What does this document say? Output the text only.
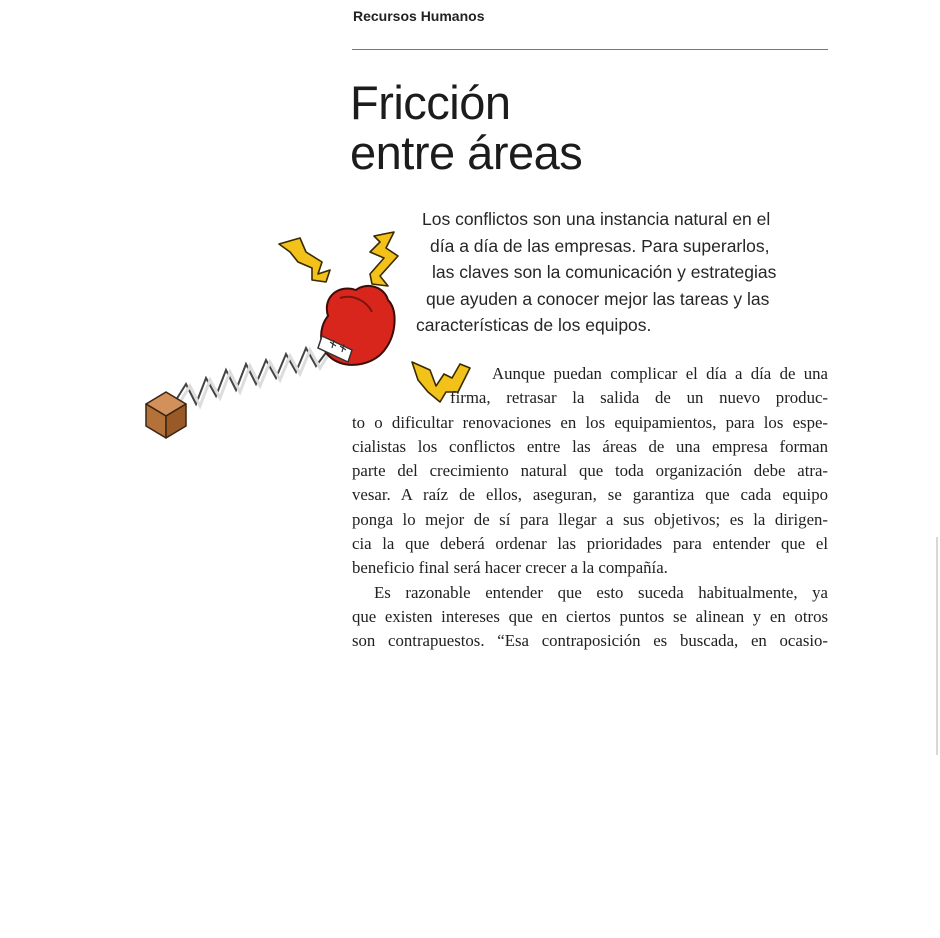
Recursos Humanos
Fricción
entre áreas
Los conflictos son una instancia natural en el
día a día de las empresas. Para superarlos,
las claves son la comunicación y estrategias
que ayuden a conocer mejor las tareas y las
características de los equipos.
Aunque puedan complicar el día a día de una
firma, retrasar la salida de un nuevo produc-
to o dificultar renovaciones en los equipamientos, para los espe-
cialistas los conflictos entre las áreas de una empresa forman
parte del crecimiento natural que toda organización debe atra-
vesar. A raíz de ellos, aseguran, se garantiza que cada equipo
ponga lo mejor de sí para llegar a sus objetivos; es la dirigen-
cia la que deberá ordenar las prioridades para entender que el
beneficio final será hacer crecer a la compañía.
Es razonable entender que esto suceda habitualmente, ya
que existen intereses que en ciertos puntos se alinean y en otros
son contrapuestos. “Esa contraposición es buscada, en ocasio-
